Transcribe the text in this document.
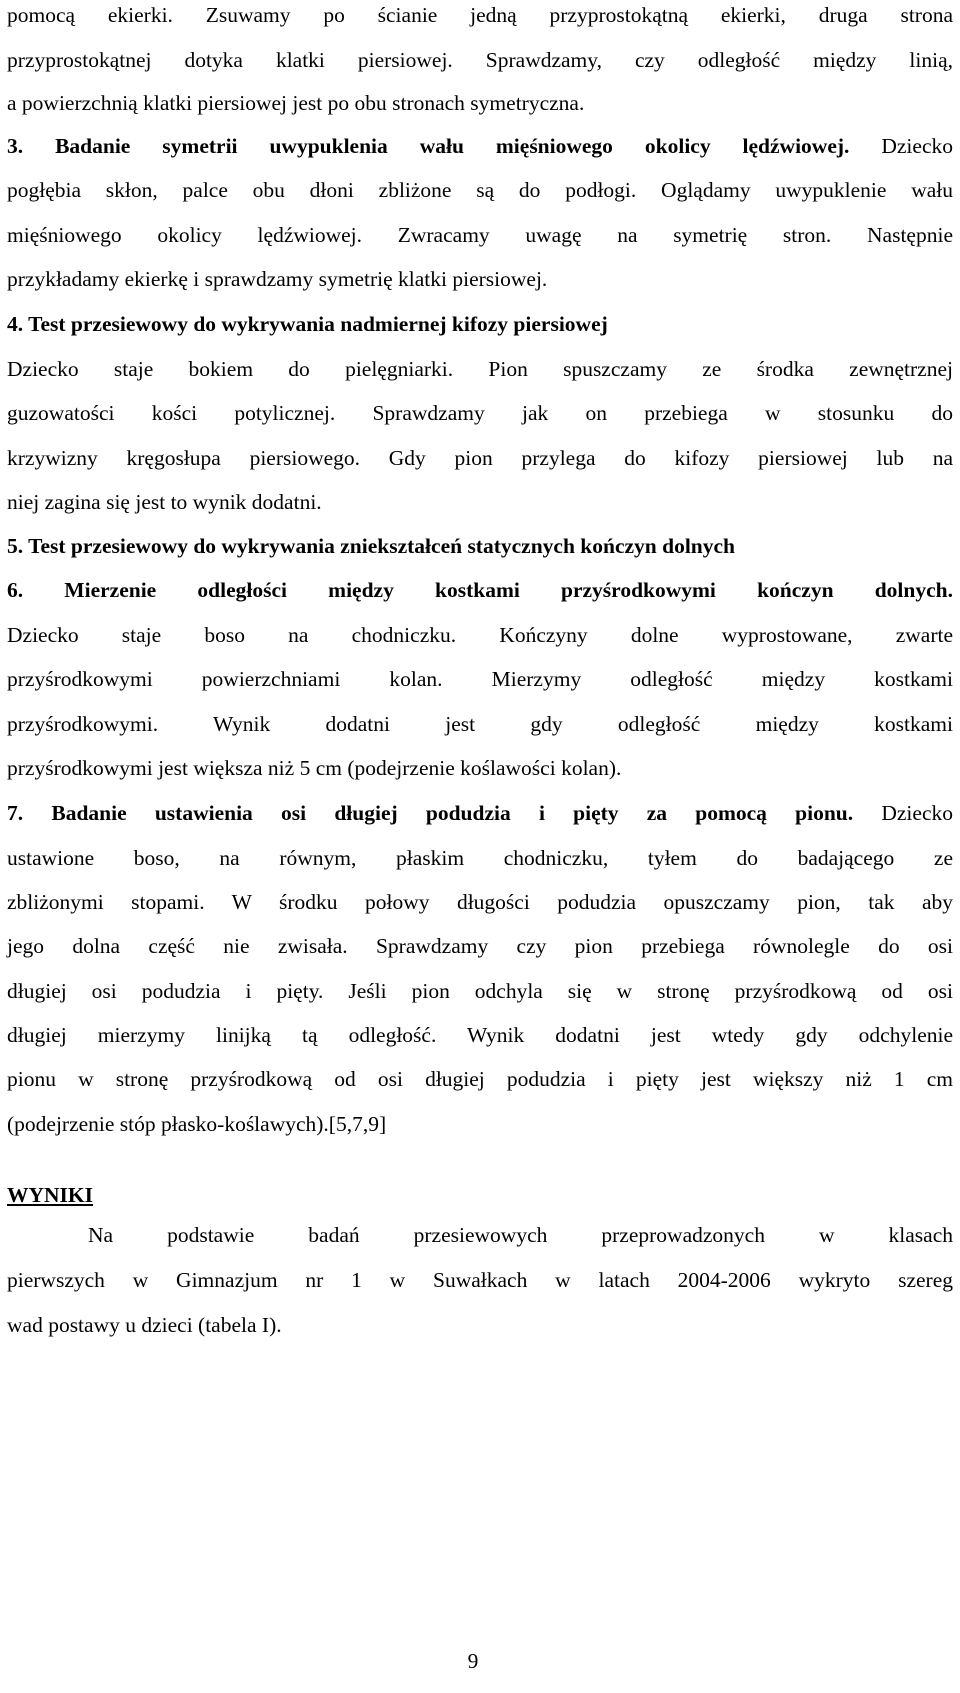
pomocą ekierki. Zsuwamy po ścianie jedną przyprostokątną ekierki, druga strona
przyprostokątnej dotyka klatki piersiowej. Sprawdzamy, czy odległość między linią,
a powierzchnią klatki piersiowej jest po obu stronach symetryczna.
3. Badanie symetrii uwypuklenia wału mięśniowego okolicy lędźwiowej. Dziecko
pogłębia skłon, palce obu dłoni zbliżone są do podłogi. Oglądamy uwypuklenie wału
mięśniowego okolicy lędźwiowej. Zwracamy uwagę na symetrię stron. Następnie
przykładamy ekierkę i sprawdzamy symetrię klatki piersiowej.
4. Test przesiewowy do wykrywania nadmiernej kifozy piersiowej
Dziecko staje bokiem do pielęgniarki. Pion spuszczamy ze środka zewnętrznej
guzowatości kości potylicznej. Sprawdzamy jak on przebiega w stosunku do
krzywizny kręgosłupa piersiowego. Gdy pion przylega do kifozy piersiowej lub na
niej zagina się jest to wynik dodatni.
5. Test przesiewowy do wykrywania zniekształceń statycznych kończyn dolnych
6. Mierzenie odległości między kostkami przyśrodkowymi kończyn dolnych.
Dziecko staje boso na chodniczku. Kończyny dolne wyprostowane, zwarte
przyśrodkowymi powierzchniami kolan. Mierzymy odległość między kostkami
przyśrodkowymi. Wynik dodatni jest gdy odległość między kostkami
przyśrodkowymi jest większa niż 5 cm (podejrzenie koślawości kolan).
7. Badanie ustawienia osi długiej podudzia i pięty za pomocą pionu. Dziecko
ustawione boso, na równym, płaskim chodniczku, tyłem do badającego ze
zbliżonymi stopami. W środku połowy długości podudzia opuszczamy pion, tak aby
jego dolna część nie zwisała. Sprawdzamy czy pion przebiega równolegle do osi
długiej osi podudzia i pięty. Jeśli pion odchyla się w stronę przyśrodkową od osi
długiej mierzymy linijką tą odległość. Wynik dodatni jest wtedy gdy odchylenie
pionu w stronę przyśrodkową od osi długiej podudzia i pięty jest większy niż 1 cm
(podejrzenie stóp płasko-koślawych).[5,7,9]
WYNIKI
Na podstawie badań przesiewowych przeprowadzonych w klasach
pierwszych w Gimnazjum nr 1 w Suwałkach w latach 2004-2006 wykryto szereg
wad postawy u dzieci (tabela I).
9
